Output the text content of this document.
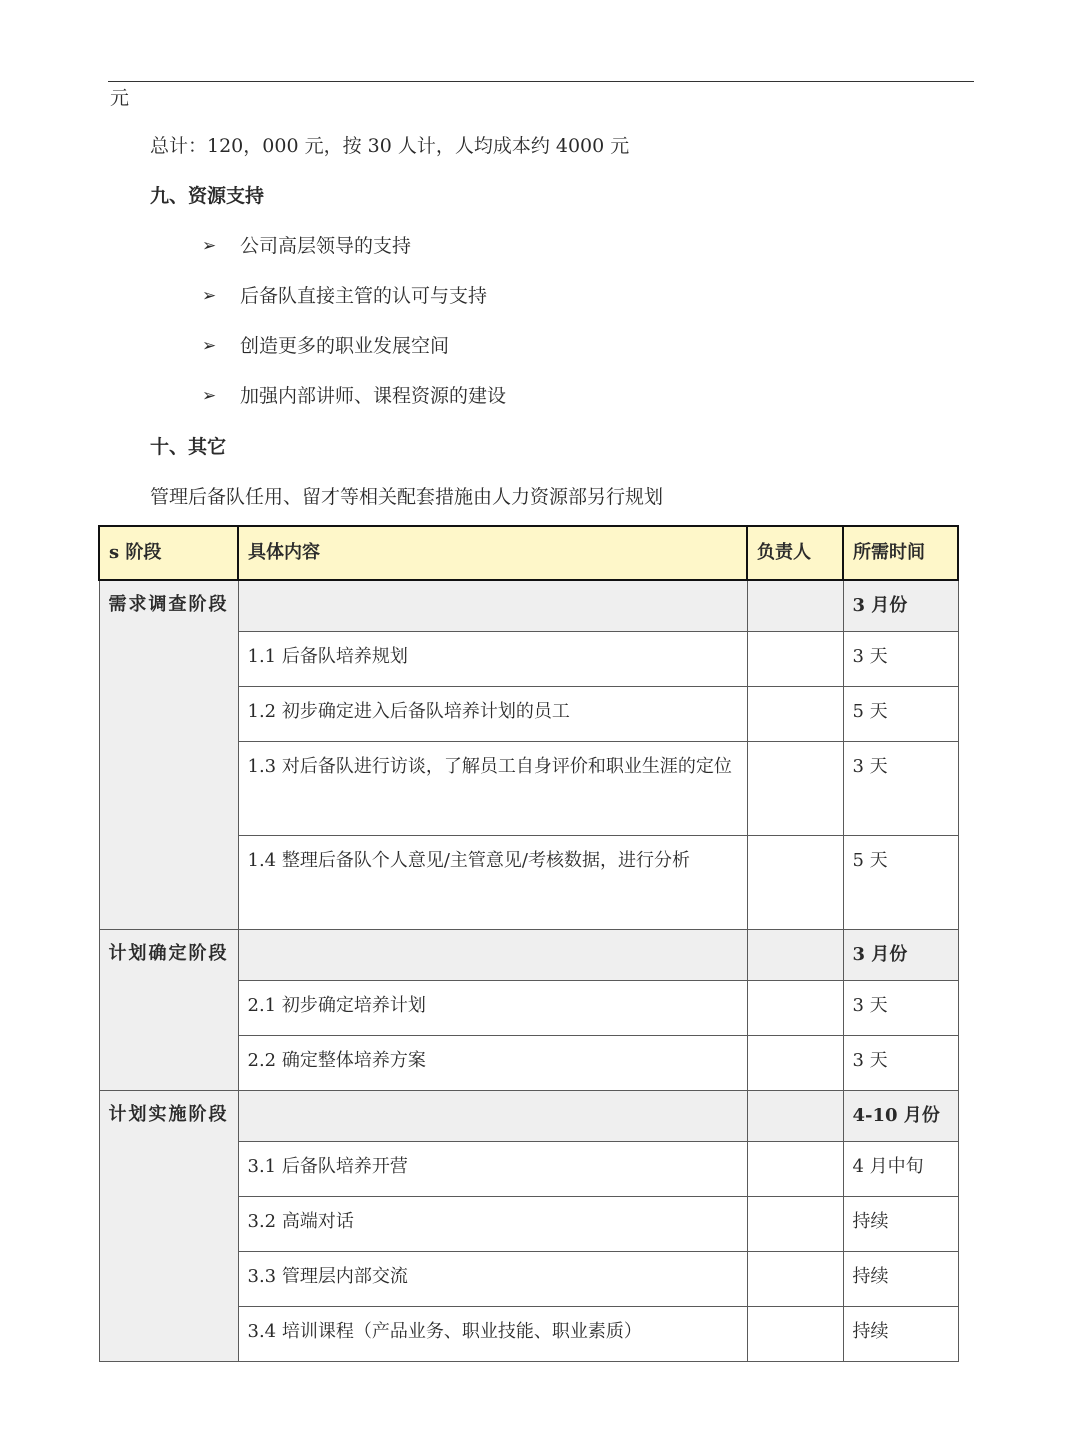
元
总计：120，000 元，按 30 人计，人均成本约 4000 元
九、资源支持
➢ 公司高层领导的支持
➢ 后备队直接主管的认可与支持
➢ 创造更多的职业发展空间
➢ 加强内部讲师、课程资源的建设
十、其它
管理后备队任用、留才等相关配套措施由人力资源部另行规划
s 阶段	具体内容	负责人	所需时间
需求调查阶段			3 月份
	1.1 后备队培养规划		3 天
	1.2 初步确定进入后备队培养计划的员工		5 天
	1.3 对后备队进行访谈，了解员工自身评价和职业生涯的定位		3 天
	1.4 整理后备队个人意见/主管意见/考核数据，进行分析		5 天
计划确定阶段			3 月份
	2.1 初步确定培养计划		3 天
	2.2 确定整体培养方案		3 天
计划实施阶段			4-10 月份
	3.1 后备队培养开营		4 月中旬
	3.2 高端对话		持续
	3.3 管理层内部交流		持续
	3.4 培训课程（产品业务、职业技能、职业素质）		持续
